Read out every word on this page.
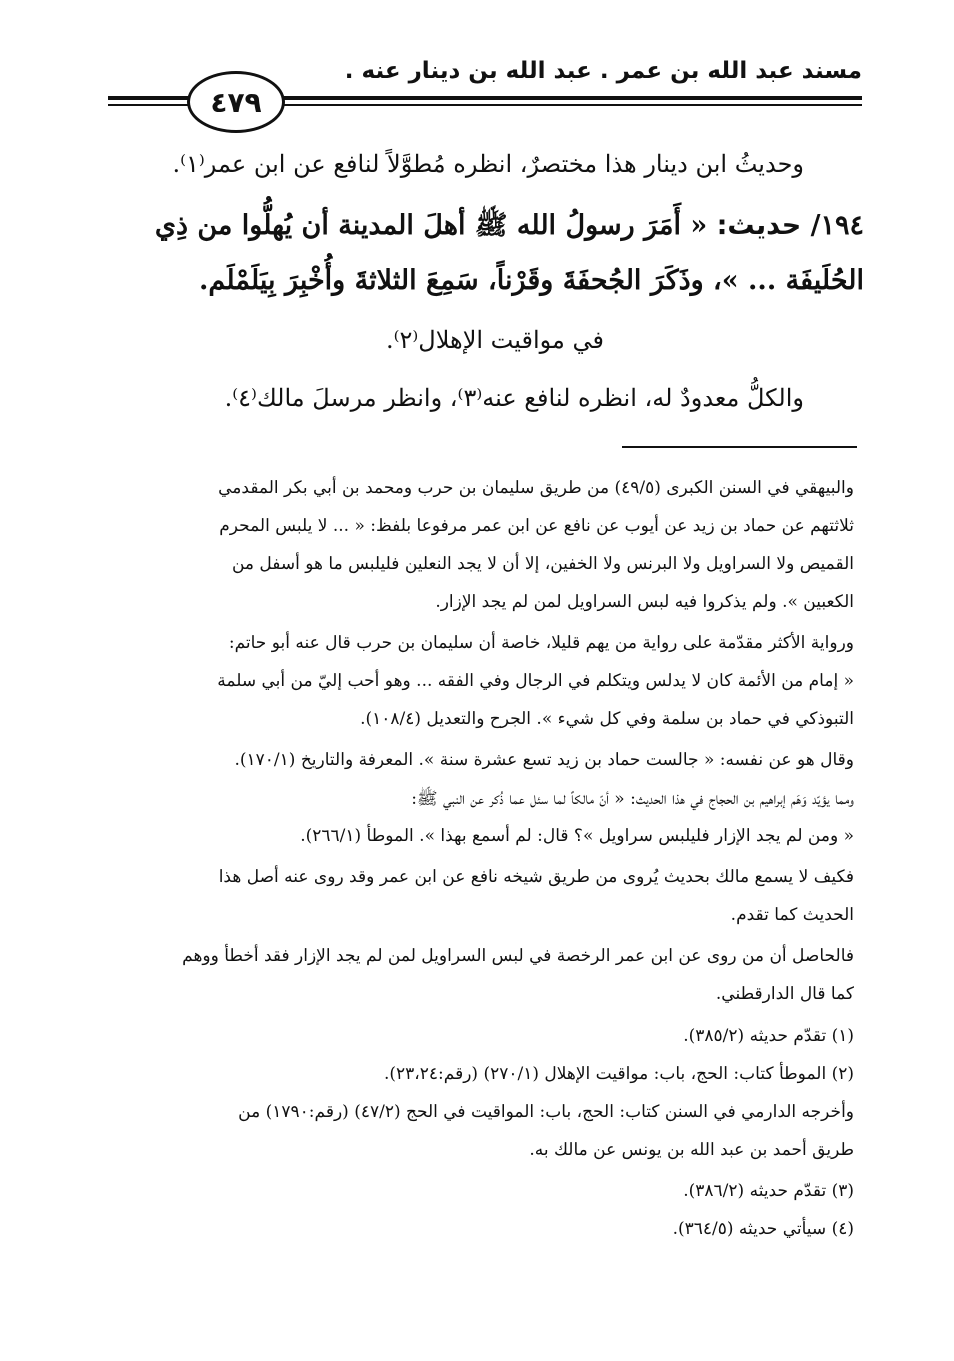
مسند عبد الله بن عمر . عبد الله بن دينار عنه .
٤٧٩
وحديثُ ابن دينار هذا مختصرٌ، انظره مُطوَّلاً لنافع عن ابن عمر⁽١⁾.
١٩٤/ حديث: « أَمَرَ رسولُ الله ﷺ أهلَ المدينة أن يُهلُّوا من ذِي
الحُلَيفَة ... »، وذَكَرَ الجُحفَةَ وقَرْناً، سَمِعَ الثلاثةَ وأُخْبِرَ بِيَلَمْلَم.
في مواقيت الإهلال⁽٢⁾.
والكلُّ معدودٌ له، انظره لنافع عنه⁽٣⁾، وانظر مرسلَ مالك⁽٤⁾.
والبيهقي في السنن الكبرى (٤٩/٥) من طريق سليمان بن حرب ومحمد بن أبي بكر المقدمي
ثلاثتهم عن حماد بن زيد عن أيوب عن نافع عن ابن عمر مرفوعا بلفظ: « ... لا يلبس المحرم
القميص ولا السراويل ولا البرنس ولا الخفين، إلا أن لا يجد النعلين فليلبس ما هو أسفل من
الكعبين ». ولم يذكروا فيه لبس السراويل لمن لم يجد الإزار.
ورواية الأكثر مقدّمة على رواية من يهم قليلا، خاصة أن سليمان بن حرب قال عنه أبو حاتم:
« إمام من الأئمة كان لا يدلس ويتكلم في الرجال وفي الفقه ... وهو أحب إليّ من أبي سلمة
التبوذكي في حماد بن سلمة وفي كل شيء ». الجرح والتعديل (١٠٨/٤).
وقال هو عن نفسه: « جالست حماد بن زيد تسع عشرة سنة ». المعرفة والتاريخ (١٧٠/١).
ومما يؤيّد وَهَم إبراهيم بن الحجاج في هذا الحديث: « أنّ مالكاً لما سئل عما ذُكر عن النبي ﷺ:
« ومن لم يجد الإزار فليلبس سراويل »؟ قال: لم أسمع بهذا ». الموطأ (٢٦٦/١).
فكيف لا يسمع مالك بحديث يُروى من طريق شيخه نافع عن ابن عمر وقد روى عنه أصل هذا
الحديث كما تقدم.
فالحاصل أن من روى عن ابن عمر الرخصة في لبس السراويل لمن لم يجد الإزار فقد أخطأ ووهم
كما قال الدارقطني.
(١) تقدّم حديثه (٣٨٥/٢).
(٢) الموطأ كتاب: الحج، باب: مواقيت الإهلال (٢٧٠/١) (رقم:٢٣،٢٤).
وأخرجه الدارمي في السنن كتاب: الحج، باب: المواقيت في الحج (٤٧/٢) (رقم:١٧٩٠) من
طريق أحمد بن عبد الله بن يونس عن مالك به.
(٣) تقدّم حديثه (٣٨٦/٢).
(٤) سيأتي حديثه (٣٦٤/٥).
